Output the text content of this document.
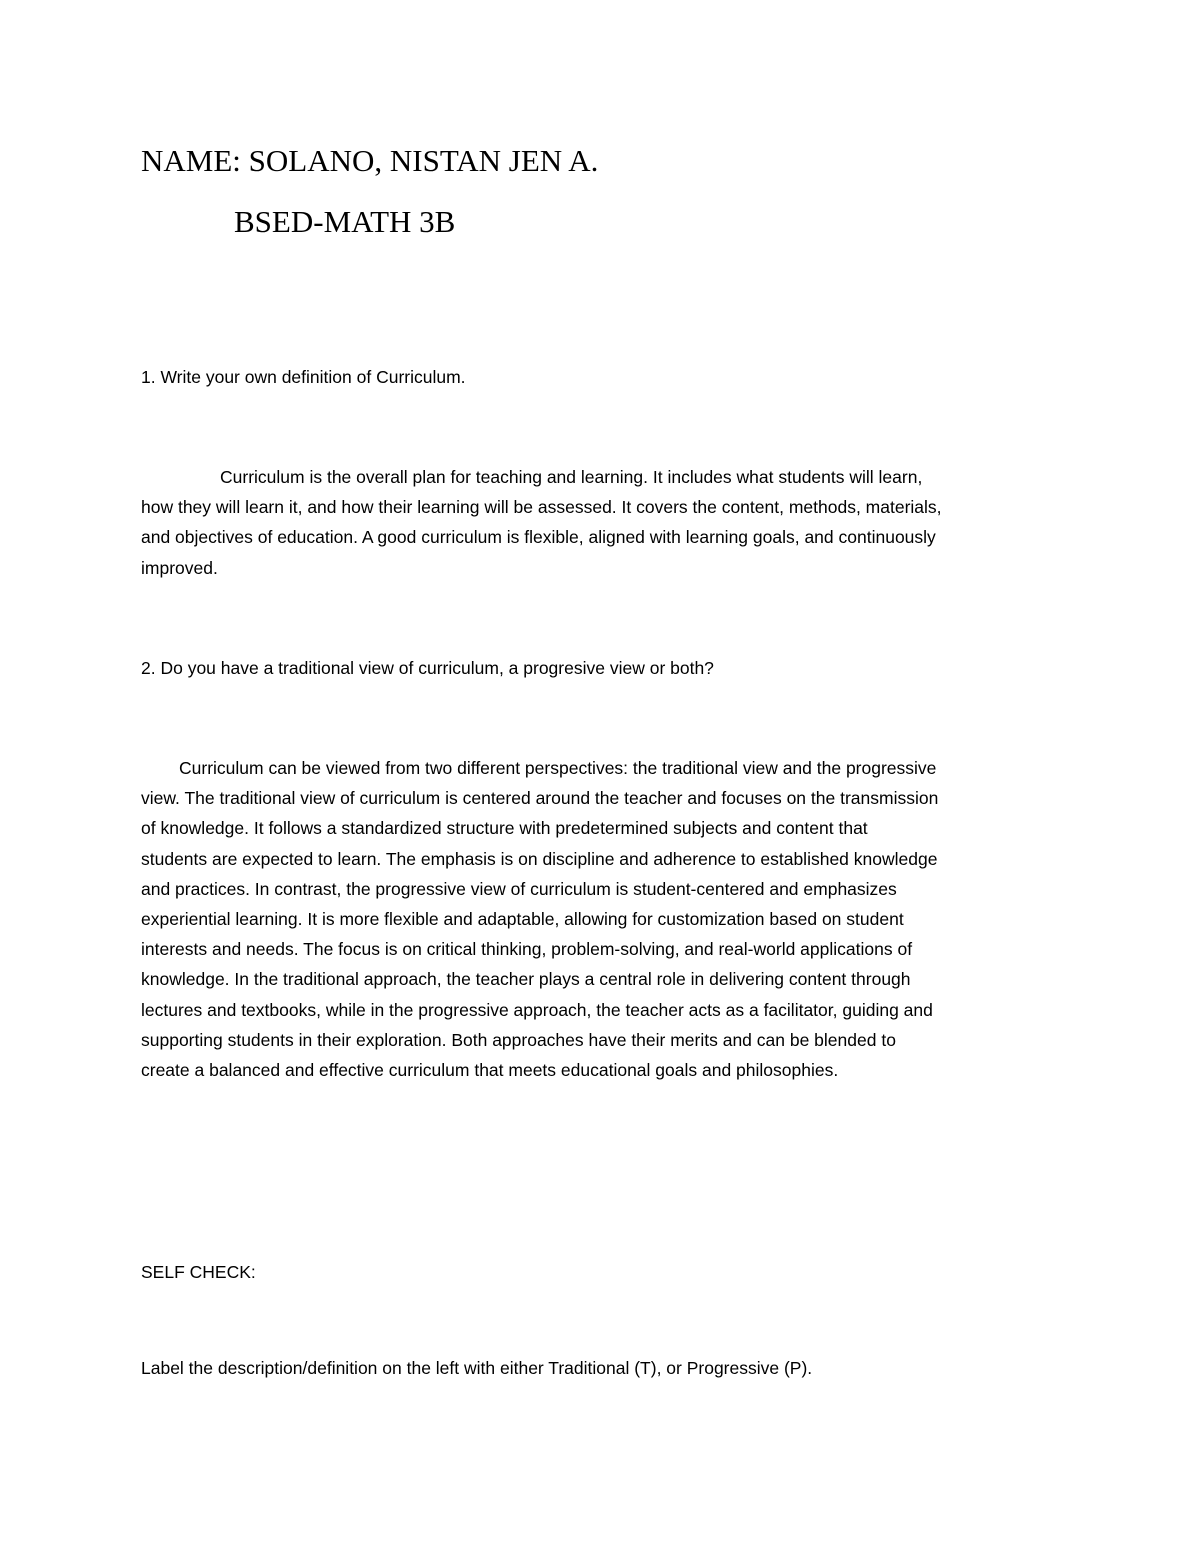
NAME: SOLANO, NISTAN JEN A.
BSED-MATH 3B
1. Write your own definition of Curriculum.
Curriculum is the overall plan for teaching and learning. It includes what students will learn,
how they will learn it, and how their learning will be assessed. It covers the content, methods, materials,
and objectives of education. A good curriculum is flexible, aligned with learning goals, and continuously
improved.
2. Do you have a traditional view of curriculum, a progresive view or both?
Curriculum can be viewed from two different perspectives: the traditional view and the progressive
view. The traditional view of curriculum is centered around the teacher and focuses on the transmission
of knowledge. It follows a standardized structure with predetermined subjects and content that
students are expected to learn. The emphasis is on discipline and adherence to established knowledge
and practices. In contrast, the progressive view of curriculum is student-centered and emphasizes
experiential learning. It is more flexible and adaptable, allowing for customization based on student
interests and needs. The focus is on critical thinking, problem-solving, and real-world applications of
knowledge. In the traditional approach, the teacher plays a central role in delivering content through
lectures and textbooks, while in the progressive approach, the teacher acts as a facilitator, guiding and
supporting students in their exploration. Both approaches have their merits and can be blended to
create a balanced and effective curriculum that meets educational goals and philosophies.
SELF CHECK:
Label the description/definition on the left with either Traditional (T), or Progressive (P).
